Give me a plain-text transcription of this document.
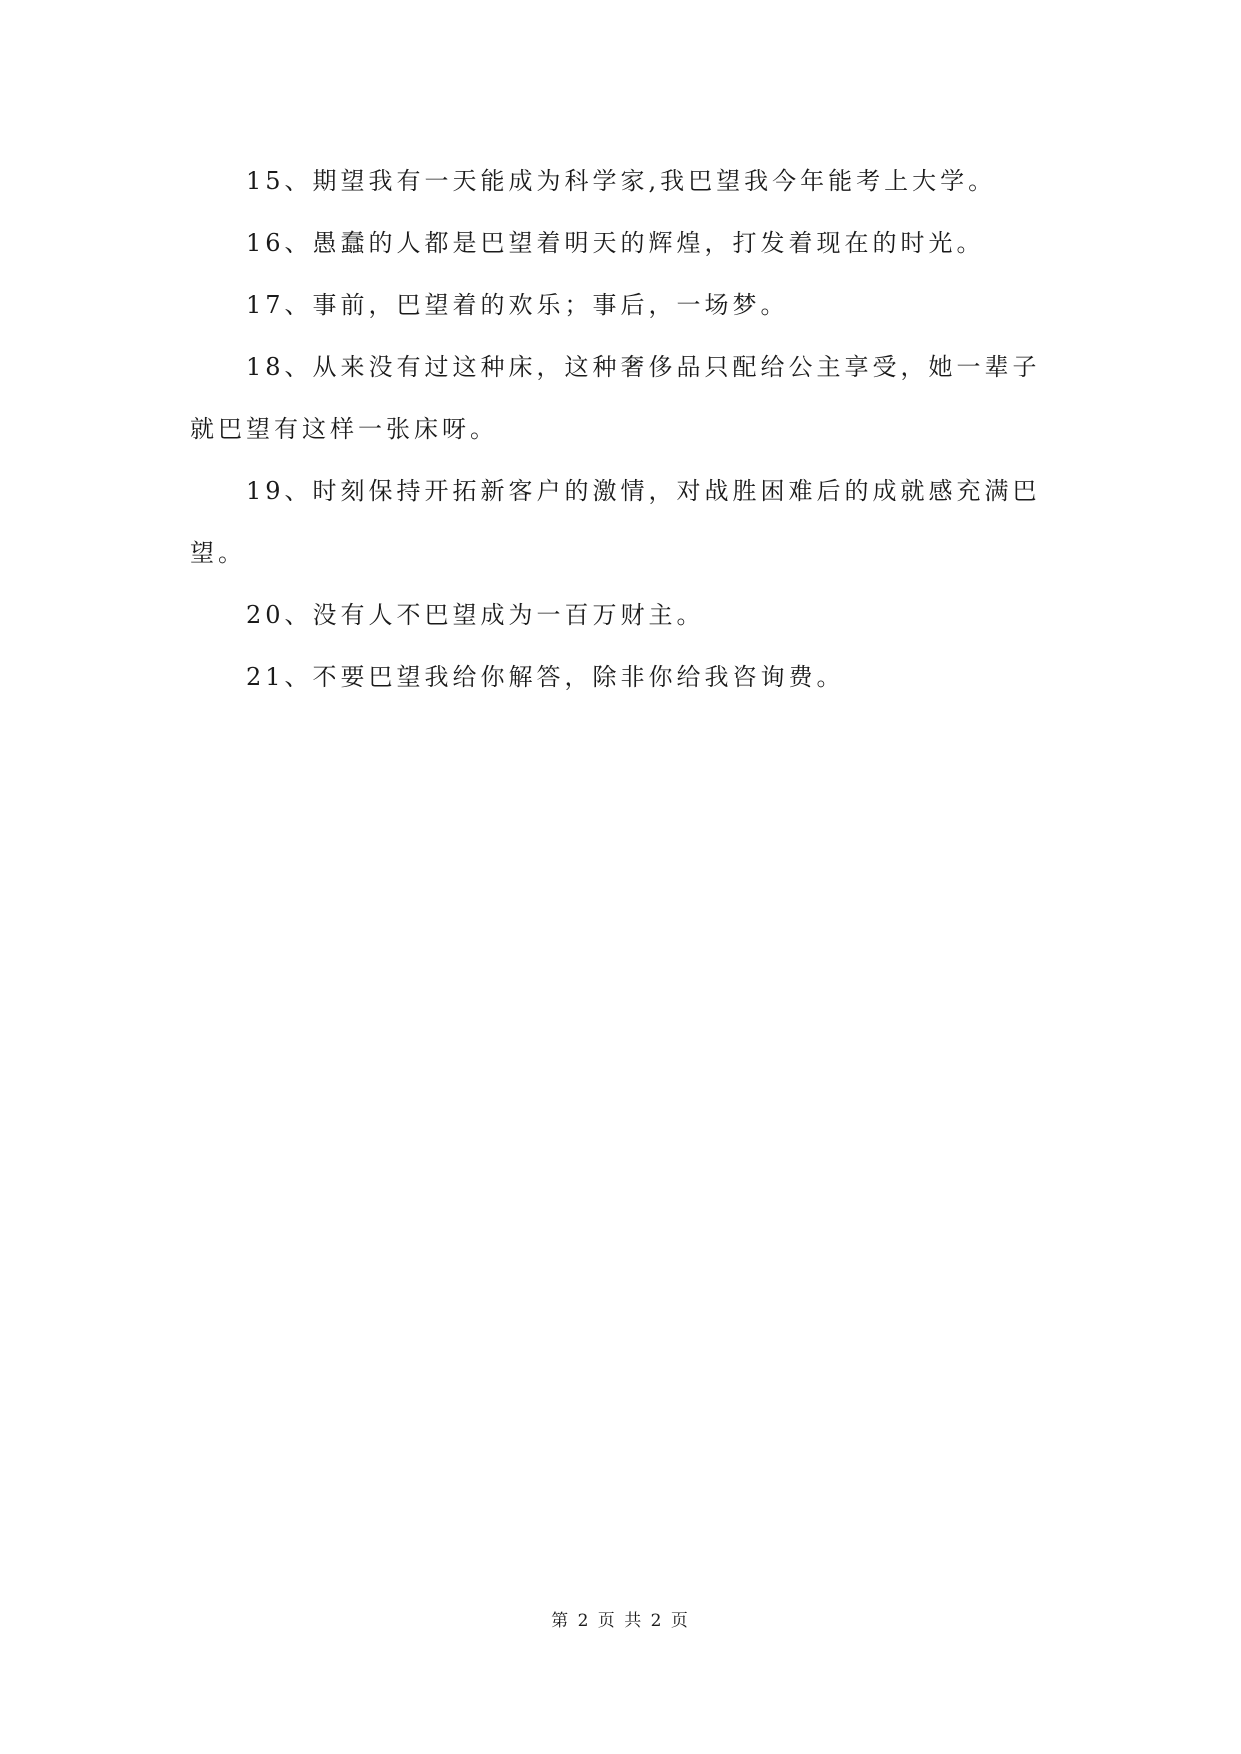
15、期望我有一天能成为科学家,我巴望我今年能考上大学。

16、愚蠢的人都是巴望着明天的辉煌，打发着现在的时光。

17、事前，巴望着的欢乐；事后，一场梦。

18、从来没有过这种床，这种奢侈品只配给公主享受，她一辈子就巴望有这样一张床呀。

19、时刻保持开拓新客户的激情，对战胜困难后的成就感充满巴望。

20、没有人不巴望成为一百万财主。

21、不要巴望我给你解答，除非你给我咨询费。

第 2 页 共 2 页
